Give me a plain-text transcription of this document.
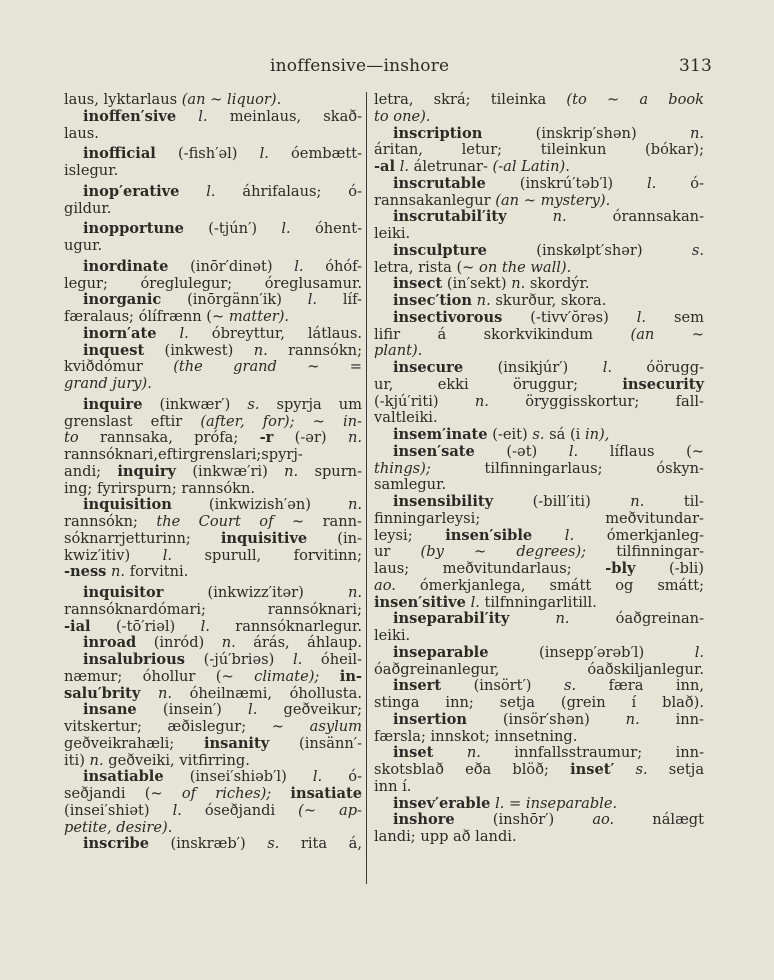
inoffensive—inshore	313
laus, lyktarlaus (an ~ liquor).
inoffen′sive l. meinlaus, skað-
laus.
inofficial (-fish′əl) l. óembætt-
islegur.
inop′erative l. áhrifalaus; ó-
gildur.
inopportune (-tjún′) l. óhent-
ugur.
inordinate (inōr′dinət) l. óhóf-
legur; óreglulegur; óreglusamur.
inorganic (inōrgänn′ik) l. líf-
færalaus; ólífrænn (~ matter).
inorn′ate l. óbreyttur, látlaus.
inquest (inkwest) n. rannsókn;
kviðdómur (the grand ~ =
grand jury).
inquire (inkwær′) s. spyrja um
grenslast eftir (after, for); ~ in-
to rannsaka, prófa; -r (-ər) n.
rannsóknari,eftirgrenslari;spyrj-
andi; inquiry (inkwæ′ri) n. spurn-
ing; fyrirspurn; rannsókn.
inquisition (inkwizish′ən) n.
rannsókn; the Court of ~ rann-
sóknarrjetturinn; inquisitive (in-
kwiz′itiv) l. spurull, forvitinn;
-ness n. forvitni.
inquisitor (inkwizz′itər) n.
rannsóknardómari; rannsóknari;
-ial (-tō′riəl) l. rannsóknarlegur.
inroad (inród) n. árás, áhlaup.
insalubrious (-jú′briəs) l. óheil-
næmur; óhollur (~ climate); in-
salu′brity n. óheilnæmi, óhollusta.
insane (insein′) l. geðveikur;
vitskertur; æðislegur; ~ asylum
geðveikrahæli; insanity (insänn′-
iti) n. geðveiki, vitfirring.
insatiable (insei′shiəb′l) l. ó-
seðjandi (~ of riches); insatiate
(insei′shiət) l. óseðjandi (~ ap-
petite, desire).
inscribe (inskræb′) s. rita á,
letra, skrá; tileinka (to ~ a book
to one).
inscription (inskrip′shən) n.
áritan, letur; tileinkun (bókar);
-al l. áletrunar- (-al Latin).
inscrutable (inskrú′təb′l) l. ó-
rannsakanlegur (an ~ mystery).
inscrutabil′ity	n. órannsakan-
leiki.
insculpture (inskølpt′shər) s.
letra, rista (~ on the wall).
insect (in′sekt) n. skordýr.
insec′tion n. skurður, skora.
insectivorous (-tivv′ŏrəs) l. sem
lifir á skorkvikindum (an ~
plant).
insecure (insikjúr′) l. óörugg-
ur, ekki öruggur; insecurity
(-kjú′riti) n. öryggisskortur; fall-
valtleiki.
insem′inate (-eit) s. sá (i in),
insen′sate (-ət) l. líflaus (~
things); tilfinningarlaus; óskyn-
samlegur.
insensibility (-bill′iti) n. til-
finningarleysi; meðvitundar-
leysi; insen′sible l. ómerkjanleg-
ur (by ~ degrees); tilfinningar-
laus; meðvitundarlaus; -bly (-bli)
ao. ómerkjanlega, smátt og smátt;
insen′sitive l. tilfnningarlitill.
inseparabil′ity	n. óaðgreinan-
leiki.
inseparable (insepp′ərəb′l) l.
óaðgreinanlegur, óaðskiljanlegur.
insert (insört′) s. færa inn,
stinga inn; setja (grein í blað).
insertion (insör′shən) n. inn-
færsla; innskot; innsetning.
inset n. innfallsstraumur; inn-
skotsblað eða blöð; inset′ s. setja
inn í.
insev′erable l. = inseparable.
inshore (inshōr′) ao. nálægt
landi; upp að landi.
